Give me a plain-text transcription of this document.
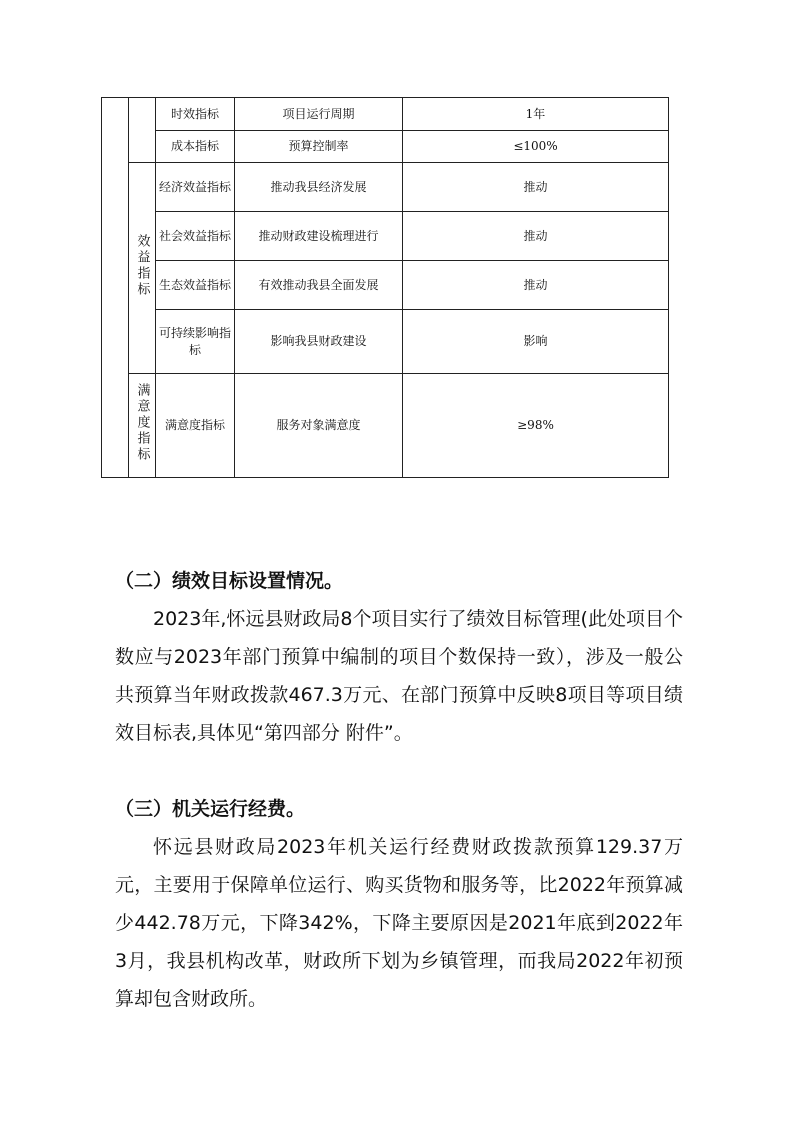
		时效指标	项目运行周期	1年
		成本指标	预算控制率	≤100%
	效益指标	经济效益指标	推动我县经济发展	推动
		社会效益指标	推动财政建设梳理进行	推动
		生态效益指标	有效推动我县全面发展	推动
		可持续影响指标	影响我县财政建设	影响
	满意度指标	满意度指标	服务对象满意度	≥98%

（二）绩效目标设置情况。

2023年,怀远县财政局8个项目实行了绩效目标管理(此处项目个数应与2023年部门预算中编制的项目个数保持一致），涉及一般公共预算当年财政拨款467.3万元、在部门预算中反映8项目等项目绩效目标表,具体见“第四部分 附件”。

（三）机关运行经费。

怀远县财政局2023年机关运行经费财政拨款预算129.37万元，主要用于保障单位运行、购买货物和服务等，比2022年预算减少442.78万元，下降342%，下降主要原因是2021年底到2022年3月，我县机构改革，财政所下划为乡镇管理，而我局2022年初预算却包含财政所。
